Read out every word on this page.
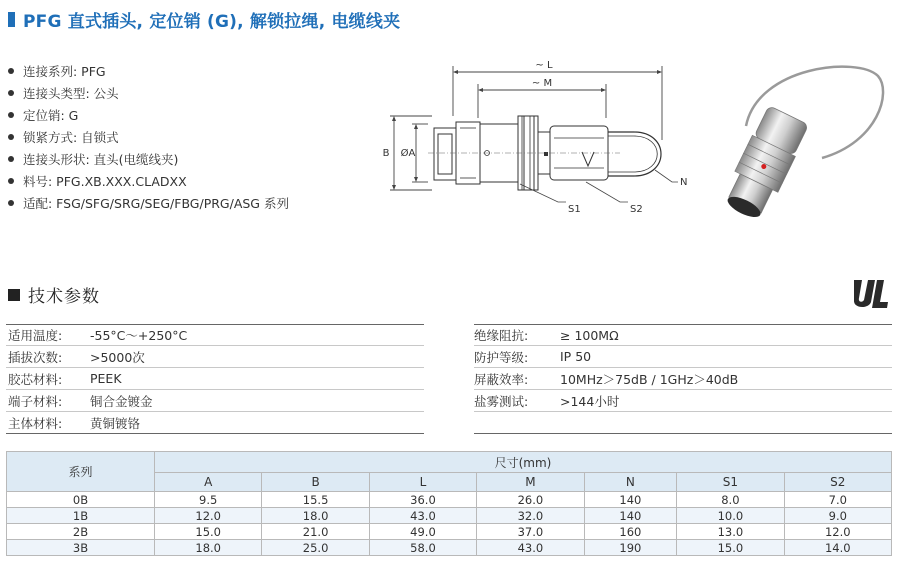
PFG 直式插头, 定位销 (G), 解锁拉绳, 电缆线夹
连接系列: PFG
连接头类型: 公头
定位销: G
锁紧方式: 自锁式
连接头形状: 直头(电缆线夹)
料号: PFG.XB.XXX.CLADXX
适配: FSG/SFG/SRG/SEG/FBG/PRG/ASG 系列
~ L
~ M
B ØA
N
S1	S2
技术参数
适用温度:	-55°C～+250°C
插拔次数:	>5000次
胶芯材料:	PEEK
端子材料:	铜合金镀金
主体材料:	黄铜镀铬
绝缘阻抗:	≥ 100MΩ
防护等级:	IP 50
屏蔽效率:	10MHz＞75dB / 1GHz＞40dB
盐雾测试:	>144小时
系列	尺寸(mm)						
	A	B	L	M	N	S1	S2
0B	9.5	15.5	36.0	26.0	140	8.0	7.0
1B	12.0	18.0	43.0	32.0	140	10.0	9.0
2B	15.0	21.0	49.0	37.0	160	13.0	12.0
3B	18.0	25.0	58.0	43.0	190	15.0	14.0
